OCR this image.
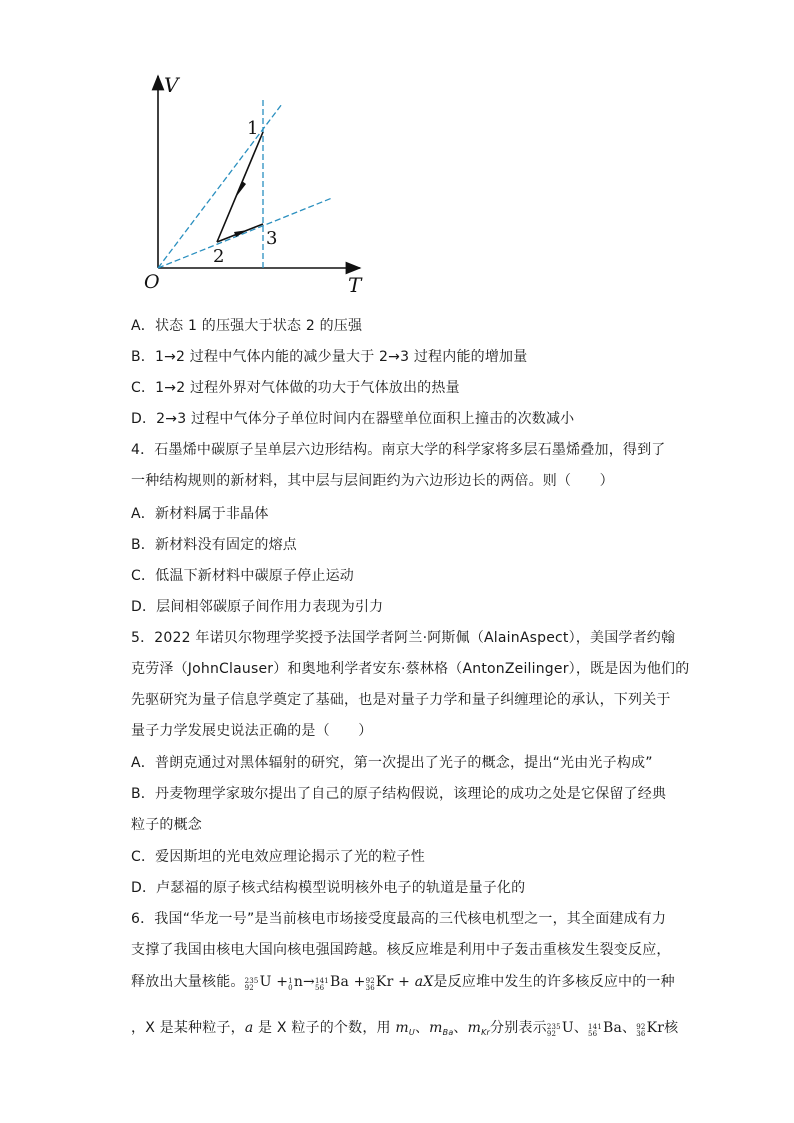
V
T
O
1
2
3
A．状态 1 的压强大于状态 2 的压强
B．1→2 过程中气体内能的减少量大于 2→3 过程内能的增加量
C．1→2 过程外界对气体做的功大于气体放出的热量
D．2→3 过程中气体分子单位时间内在器壁单位面积上撞击的次数减小
4．石墨烯中碳原子呈单层六边形结构。南京大学的科学家将多层石墨烯叠加，得到了
一种结构规则的新材料，其中层与层间距约为六边形边长的两倍。则（　　）
A．新材料属于非晶体
B．新材料没有固定的熔点
C．低温下新材料中碳原子停止运动
D．层间相邻碳原子间作用力表现为引力
5．2022 年诺贝尔物理学奖授予法国学者阿兰·阿斯佩（AlainAspect），美国学者约翰
克劳泽（JohnClauser）和奥地利学者安东·蔡林格（AntonZeilinger），既是因为他们的
先驱研究为量子信息学奠定了基础，也是对量子力学和量子纠缠理论的承认，下列关于
量子力学发展史说法正确的是（　　）
A．普朗克通过对黑体辐射的研究，第一次提出了光子的概念，提出“光由光子构成”
B．丹麦物理学家玻尔提出了自己的原子结构假说，该理论的成功之处是它保留了经典
粒子的概念
C．爱因斯坦的光电效应理论揭示了光的粒子性
D．卢瑟福的原子核式结构模型说明核外电子的轨道是量子化的
6．我国“华龙一号”是当前核电市场接受度最高的三代核电机型之一，其全面建成有力
支撑了我国由核电大国向核电强国跨越。核反应堆是利用中子轰击重核发生裂变反应，
释放出大量核能。 235
92 U + 1
0 n→ 141
56 Ba + 92
36 Kr + aX是反应堆中发生的许多核反应中的一种
，X 是某种粒子，a 是 X 粒子的个数，用 $m_U$、$m_{Ba}$、$m_{Kr}$分别表示 235
92 U、 141
56 Ba、 92
36 Kr核
